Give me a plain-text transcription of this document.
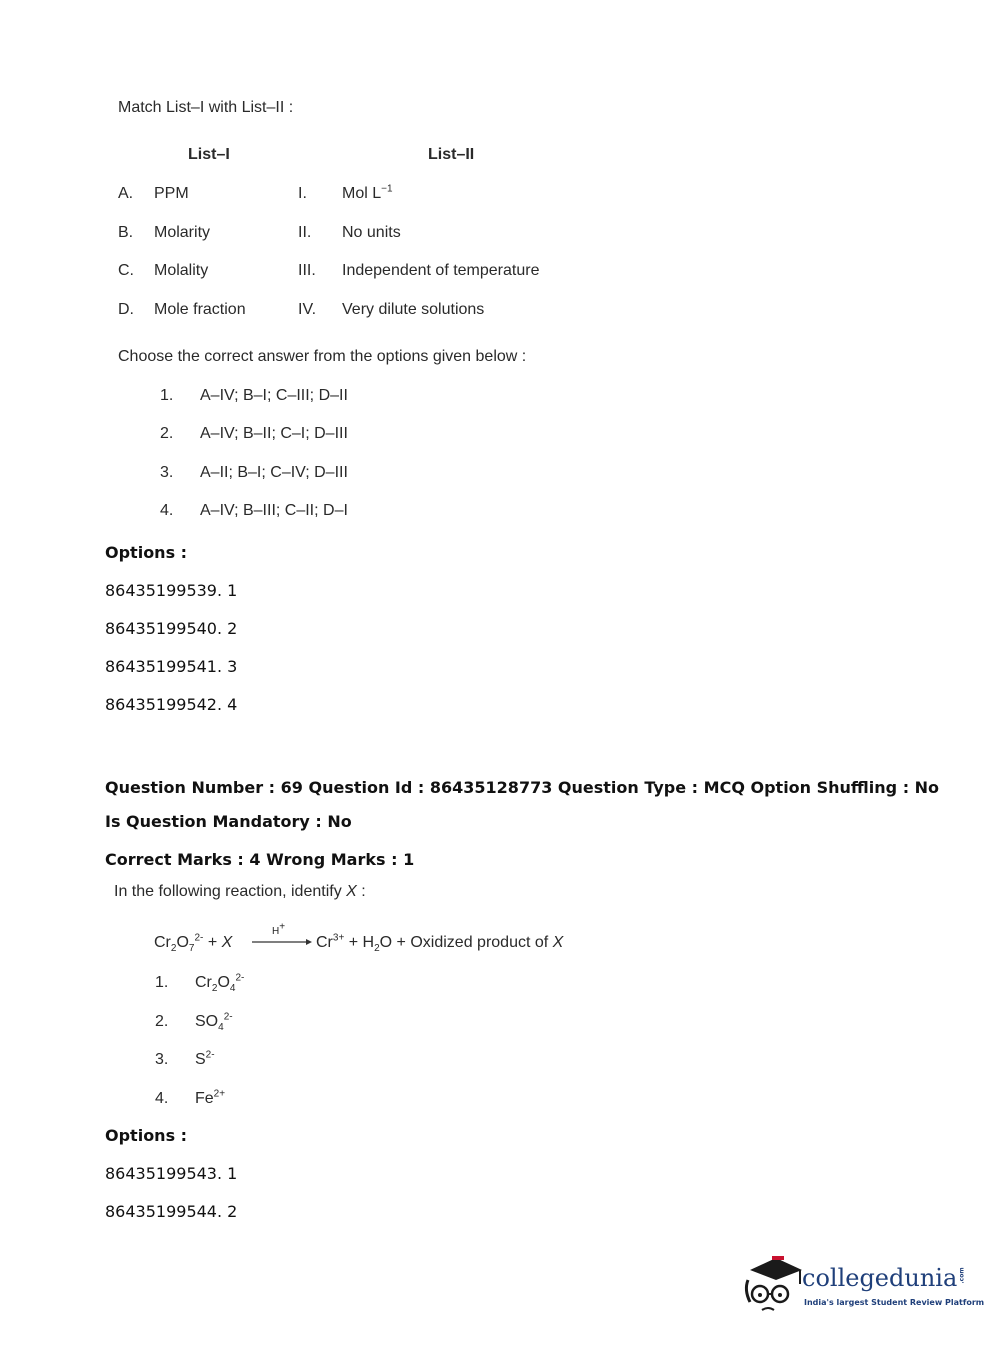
Match List–I with List–II :
List–I	List–II
A. PPM	I. Mol $L^{-1}$
B. Molarity	II. No units
C. Molality	III. Independent of temperature
D. Mole fraction	IV. Very dilute solutions
Choose the correct answer from the options given below :
1. A–IV; B–I; C–III; D–II
2. A–IV; B–II; C–I; D–III
3. A–II; B–I; C–IV; D–III
4. A–IV; B–III; C–II; D–I
Options :
86435199539. 1
86435199540. 2
86435199541. 3
86435199542. 4
Question Number : 69 Question Id : 86435128773 Question Type : MCQ Option Shuffling : No
Is Question Mandatory : No
Correct Marks : 4 Wrong Marks : 1
In the following reaction, identify X :
$Cr_2O_7^{2-} + X$
H+
$Cr^{3+} + H_2O$ + Oxidized product of X
1. $Cr_2O_4^{2-}$
2. $SO_4^{2-}$
3. $S^{2-}$
4. $Fe^{2+}$
Options :
86435199543. 1
86435199544. 2
collegedunia .com
India's largest Student Review Platform
